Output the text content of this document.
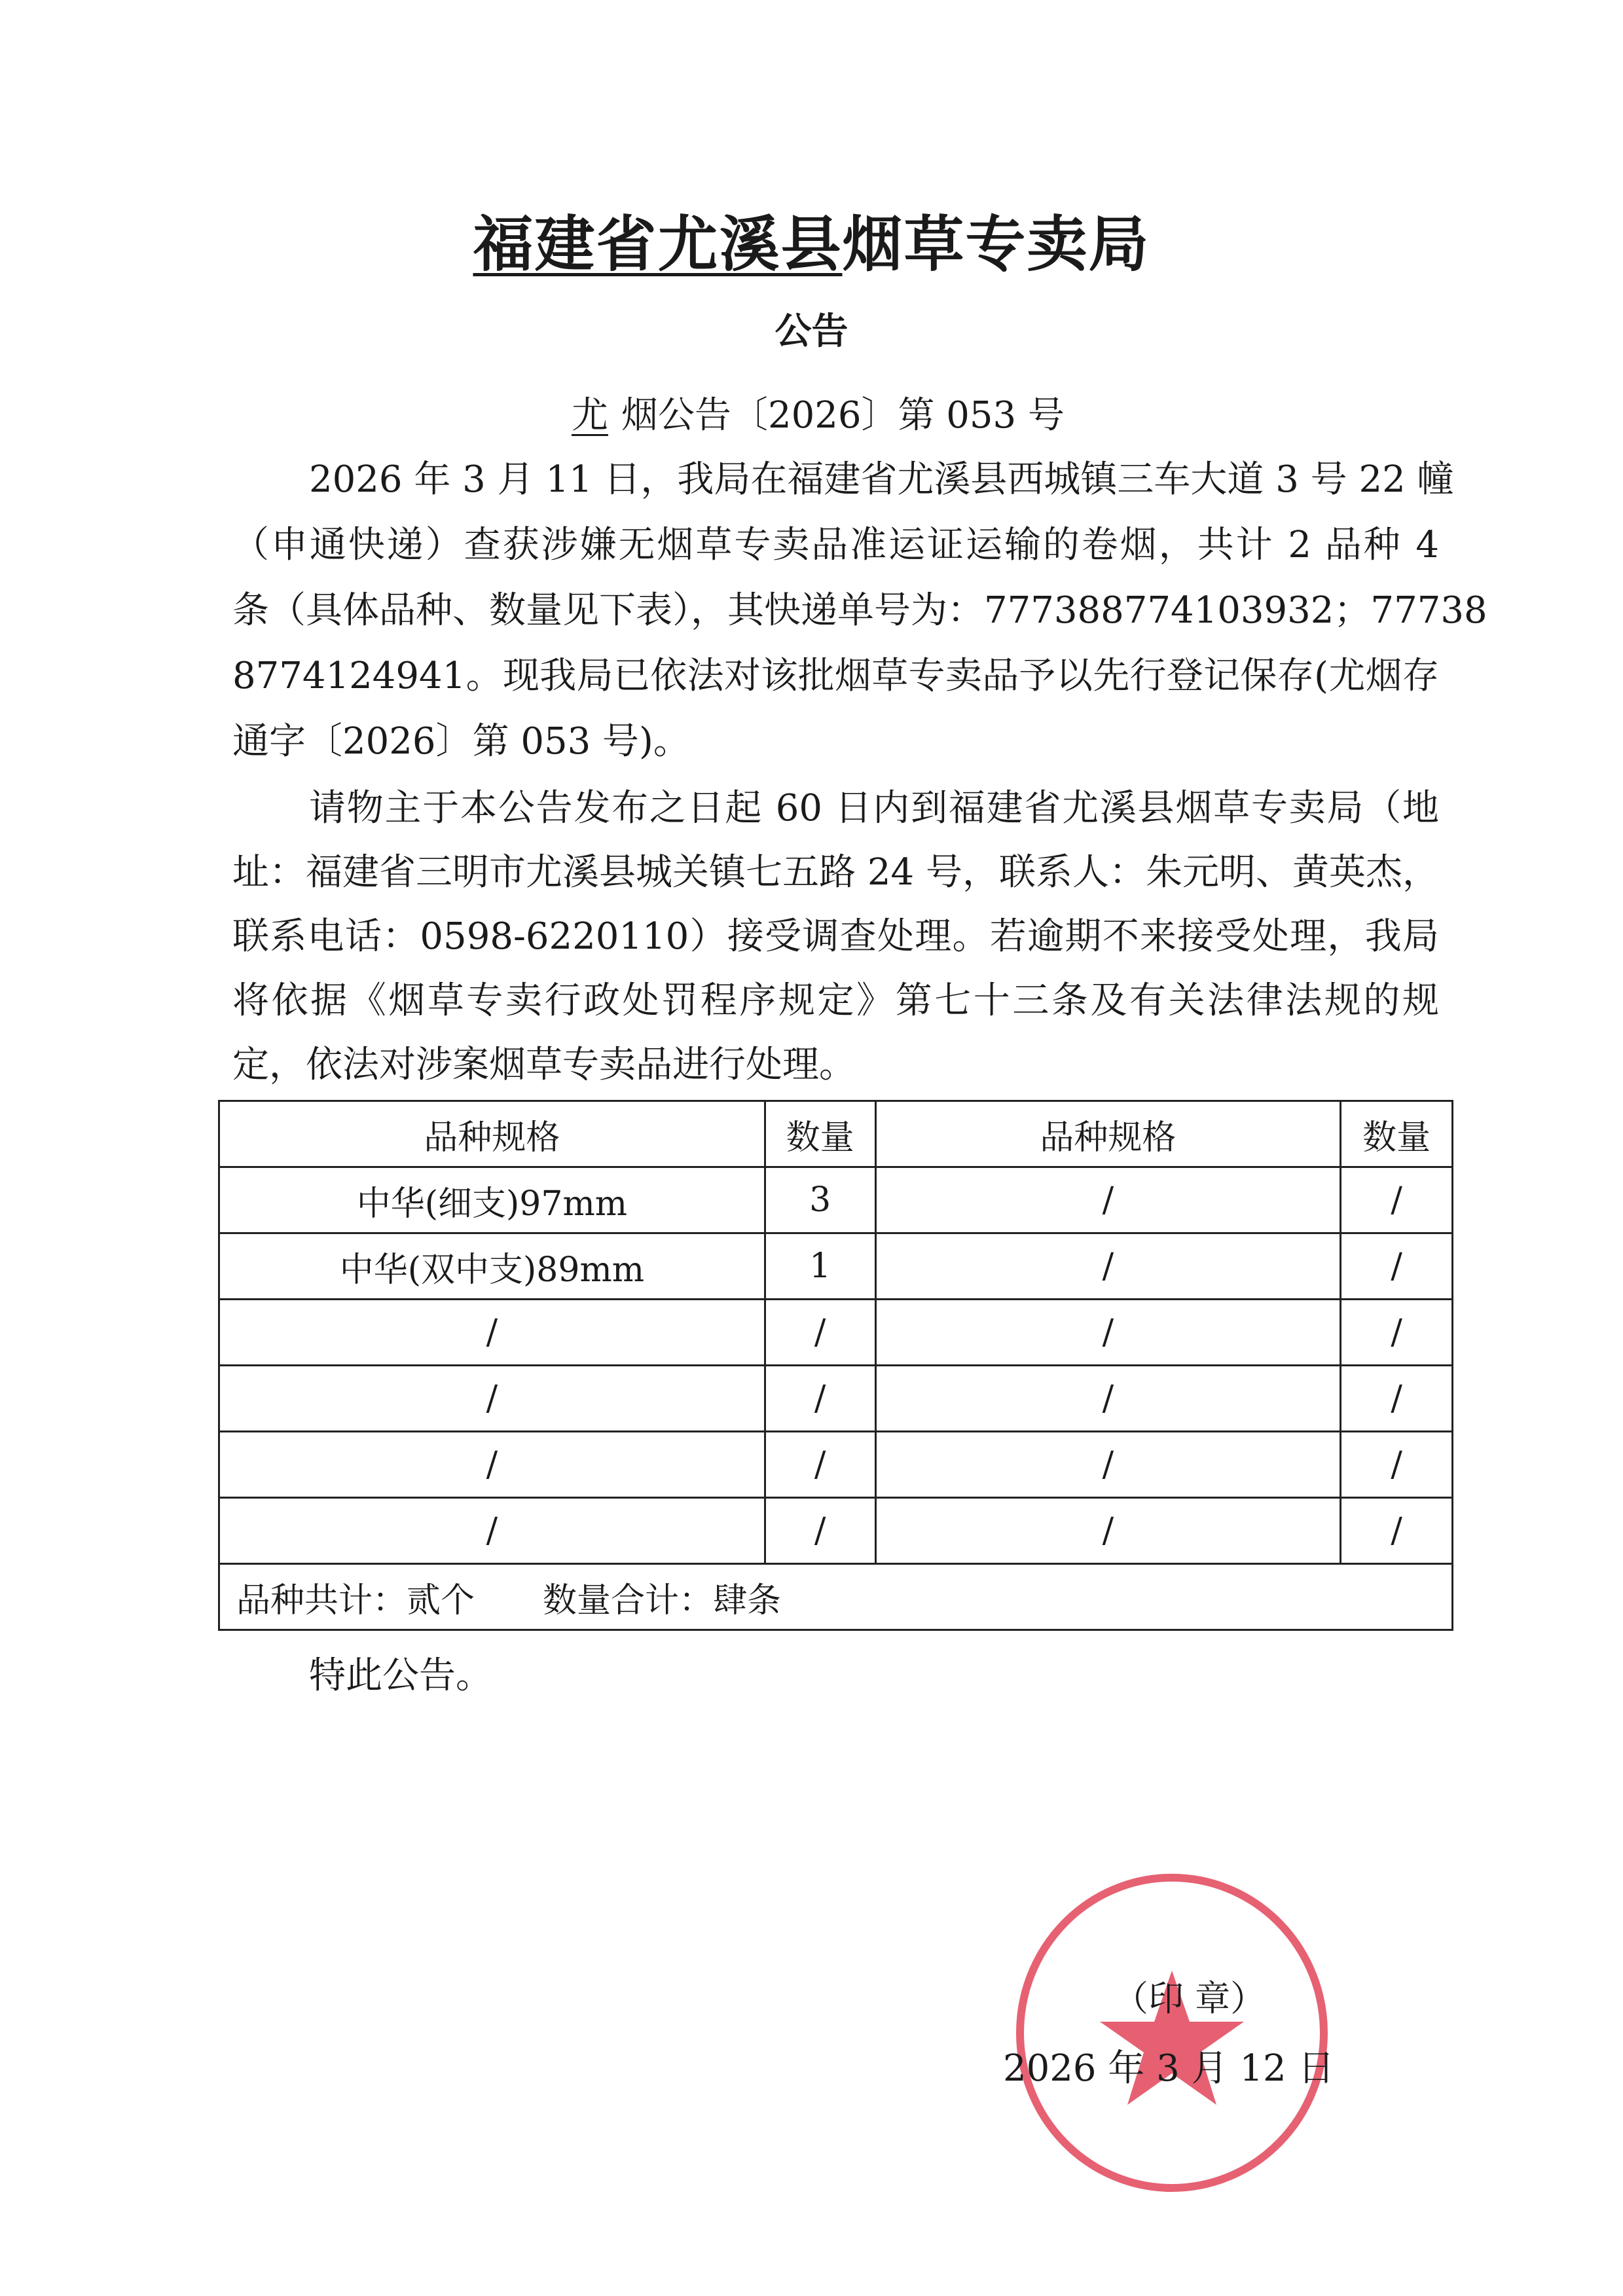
福建省尤溪县烟草专卖局
公告
尤 烟公告〔2026〕第 053 号
2026 年 3 月 11 日，我局在福建省尤溪县西城镇三车大道 3 号 22 幢
（申通快递）查获涉嫌无烟草专卖品准运证运输的卷烟，共计 2 品种 4
条（具体品种、数量见下表），其快递单号为：777388774103932；77738
8774124941。现我局已依法对该批烟草专卖品予以先行登记保存(尤烟存
通字〔2026〕第 053 号)。
请物主于本公告发布之日起 60 日内到福建省尤溪县烟草专卖局（地
址：福建省三明市尤溪县城关镇七五路 24 号，联系人：朱元明、黄英杰，
联系电话：0598-6220110）接受调查处理。若逾期不来接受处理，我局
将依据《烟草专卖行政处罚程序规定》第七十三条及有关法律法规的规
定，依法对涉案烟草专卖品进行处理。
品种规格	数量	品种规格	数量
中华(细支)97mm	3	/	/
中华(双中支)89mm	1	/	/
/	/	/	/
/	/	/	/
/	/	/	/
/	/	/	/
品种共计：贰个　　数量合计：肆条			
特此公告。
（印 章）
2026 年 3 月 12 日
